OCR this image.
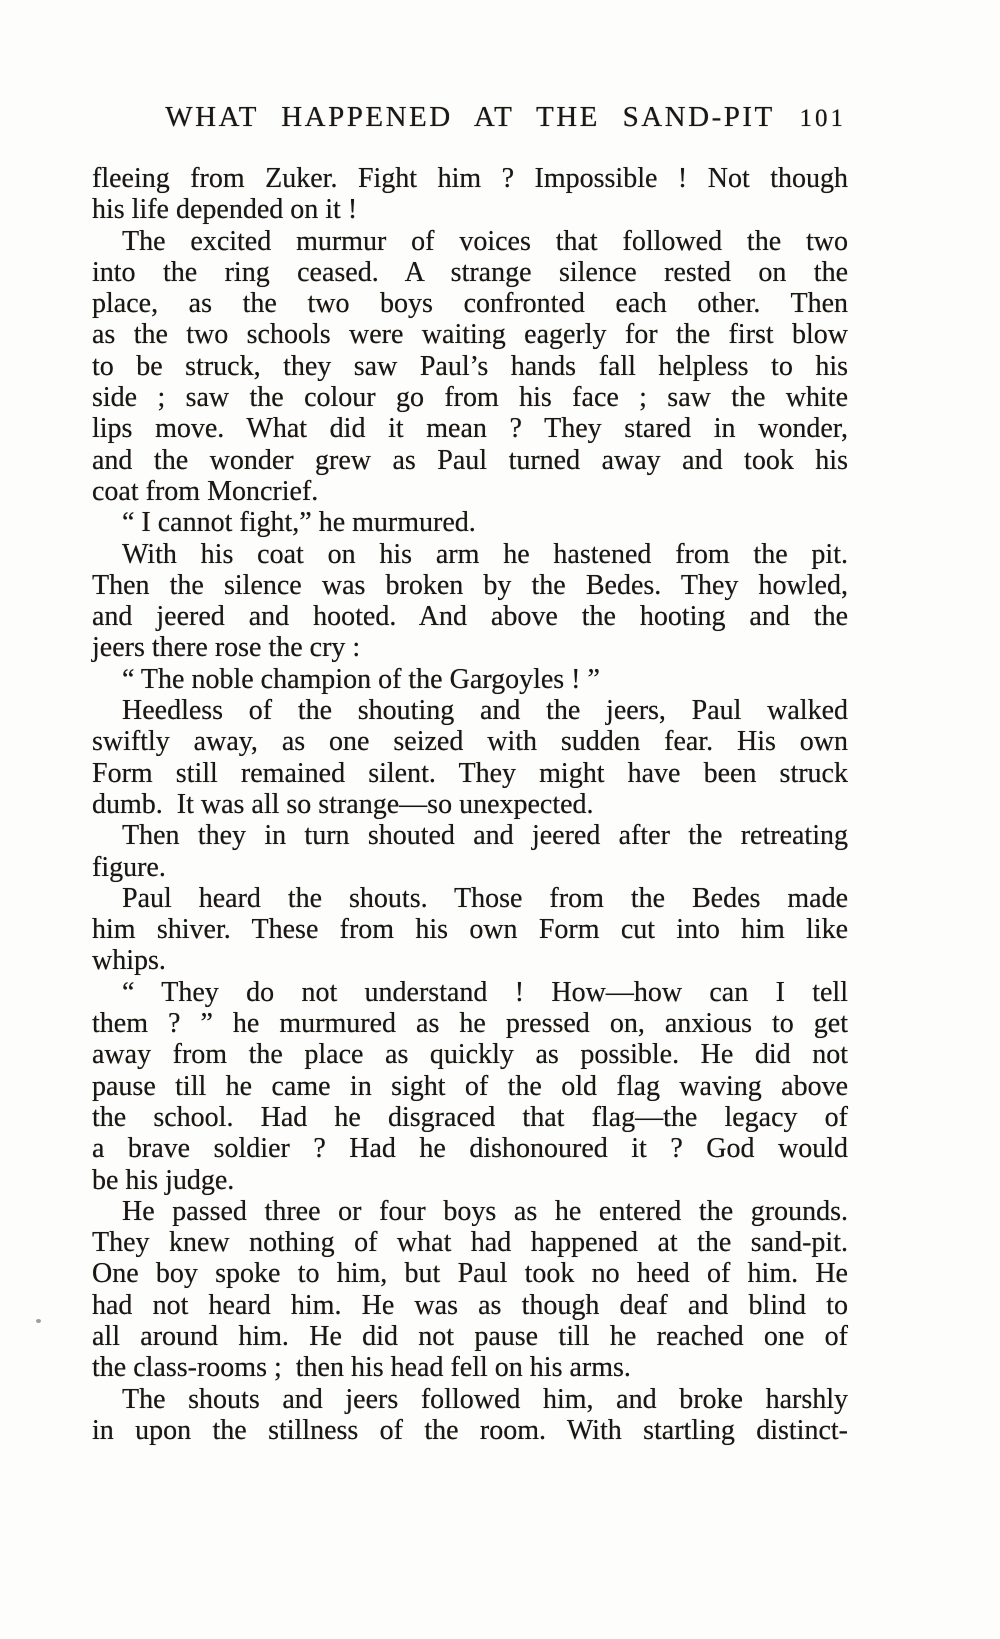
WHAT HAPPENED AT THE SAND-PIT 101
fleeing from Zuker. Fight him ? Impossible ! Not though
his life depended on it !
The excited murmur of voices that followed the two
into the ring ceased. A strange silence rested on the
place, as the two boys confronted each other. Then
as the two schools were waiting eagerly for the first blow
to be struck, they saw Paul’s hands fall helpless to his
side ; saw the colour go from his face ; saw the white
lips move. What did it mean ? They stared in wonder,
and the wonder grew as Paul turned away and took his
coat from Moncrief.
“ I cannot fight,” he murmured.
With his coat on his arm he hastened from the pit.
Then the silence was broken by the Bedes. They howled,
and jeered and hooted. And above the hooting and the
jeers there rose the cry :
“ The noble champion of the Gargoyles ! ”
Heedless of the shouting and the jeers, Paul walked
swiftly away, as one seized with sudden fear. His own
Form still remained silent. They might have been struck
dumb.  It was all so strange—so unexpected.
Then they in turn shouted and jeered after the retreating
figure.
Paul heard the shouts. Those from the Bedes made
him shiver. These from his own Form cut into him like
whips.
“ They do not understand ! How—how can I tell
them ? ” he murmured as he pressed on, anxious to get
away from the place as quickly as possible. He did not
pause till he came in sight of the old flag waving above
the school. Had he disgraced that flag—the legacy of
a brave soldier ? Had he dishonoured it ? God would
be his judge.
He passed three or four boys as he entered the grounds.
They knew nothing of what had happened at the sand-pit.
One boy spoke to him, but Paul took no heed of him. He
had not heard him. He was as though deaf and blind to
all around him. He did not pause till he reached one of
the class-rooms ;  then his head fell on his arms.
The shouts and jeers followed him, and broke harshly
in upon the stillness of the room. With startling distinct-
